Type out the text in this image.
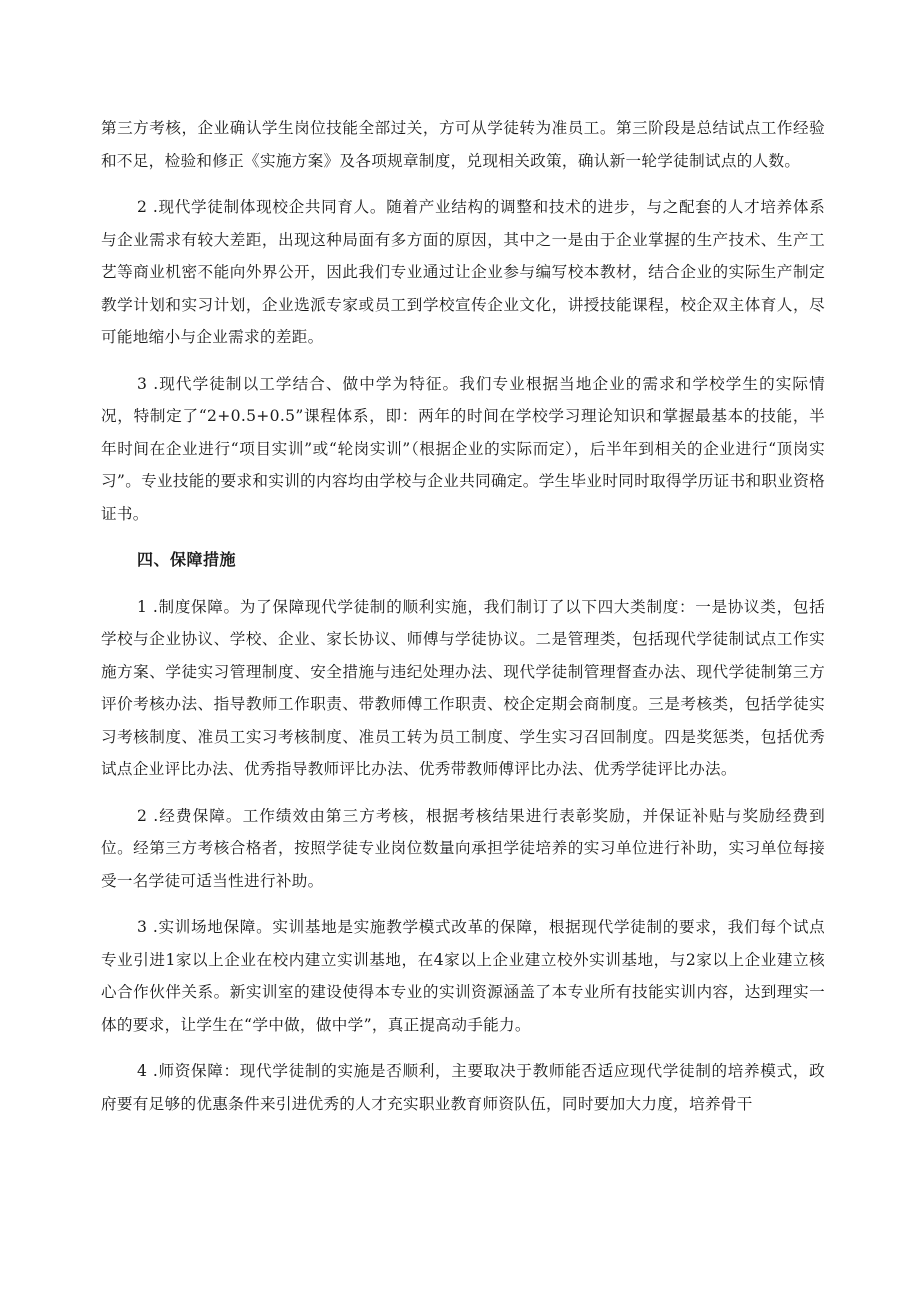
第三方考核，企业确认学生岗位技能全部过关，方可从学徒转为准员工。第三阶段是总结试点工作经验和不足，检验和修正《实施方案》及各项规章制度，兑现相关政策，确认新一轮学徒制试点的人数。

2 .现代学徒制体现校企共同育人。随着产业结构的调整和技术的进步，与之配套的人才培养体系与企业需求有较大差距，出现这种局面有多方面的原因，其中之一是由于企业掌握的生产技术、生产工艺等商业机密不能向外界公开，因此我们专业通过让企业参与编写校本教材，结合企业的实际生产制定教学计划和实习计划，企业选派专家或员工到学校宣传企业文化，讲授技能课程，校企双主体育人，尽可能地缩小与企业需求的差距。

3 .现代学徒制以工学结合、做中学为特征。我们专业根据当地企业的需求和学校学生的实际情况，特制定了“2+0.5+0.5”课程体系，即：两年的时间在学校学习理论知识和掌握最基本的技能，半年时间在企业进行“项目实训”或“轮岗实训”（根据企业的实际而定），后半年到相关的企业进行“顶岗实习”。专业技能的要求和实训的内容均由学校与企业共同确定。学生毕业时同时取得学历证书和职业资格证书。

四、保障措施

1 .制度保障。为了保障现代学徒制的顺利实施，我们制订了以下四大类制度：一是协议类，包括学校与企业协议、学校、企业、家长协议、师傅与学徒协议。二是管理类，包括现代学徒制试点工作实施方案、学徒实习管理制度、安全措施与违纪处理办法、现代学徒制管理督查办法、现代学徒制第三方评价考核办法、指导教师工作职责、带教师傅工作职责、校企定期会商制度。三是考核类，包括学徒实习考核制度、准员工实习考核制度、准员工转为员工制度、学生实习召回制度。四是奖惩类，包括优秀试点企业评比办法、优秀指导教师评比办法、优秀带教师傅评比办法、优秀学徒评比办法。

2 .经费保障。工作绩效由第三方考核，根据考核结果进行表彰奖励，并保证补贴与奖励经费到位。经第三方考核合格者，按照学徒专业岗位数量向承担学徒培养的实习单位进行补助，实习单位每接受一名学徒可适当性进行补助。

3 .实训场地保障。实训基地是实施教学模式改革的保障，根据现代学徒制的要求，我们每个试点专业引进1家以上企业在校内建立实训基地，在4家以上企业建立校外实训基地，与2家以上企业建立核心合作伙伴关系。新实训室的建设使得本专业的实训资源涵盖了本专业所有技能实训内容，达到理实一体的要求，让学生在“学中做，做中学”，真正提高动手能力。

4 .师资保障：现代学徒制的实施是否顺利，主要取决于教师能否适应现代学徒制的培养模式，政府要有足够的优惠条件来引进优秀的人才充实职业教育师资队伍，同时要加大力度，培养骨干
